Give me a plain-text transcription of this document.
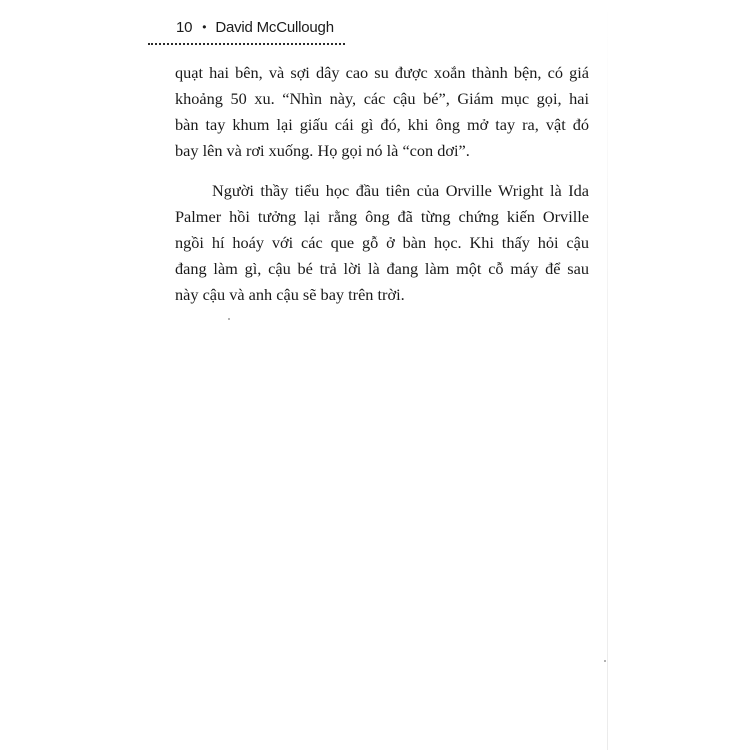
10 • David McCullough

quạt hai bên, và sợi dây cao su được xoắn thành bện, có giá
khoảng 50 xu. “Nhìn này, các cậu bé”, Giám mục gọi, hai
bàn tay khum lại giấu cái gì đó, khi ông mở tay ra, vật đó
bay lên và rơi xuống. Họ gọi nó là “con dơi”.

Người thầy tiểu học đầu tiên của Orville Wright là Ida
Palmer hồi tưởng lại rằng ông đã từng chứng kiến Orville
ngồi hí hoáy với các que gỗ ở bàn học. Khi thấy hỏi cậu
đang làm gì, cậu bé trả lời là đang làm một cỗ máy để sau
này cậu và anh cậu sẽ bay trên trời.
